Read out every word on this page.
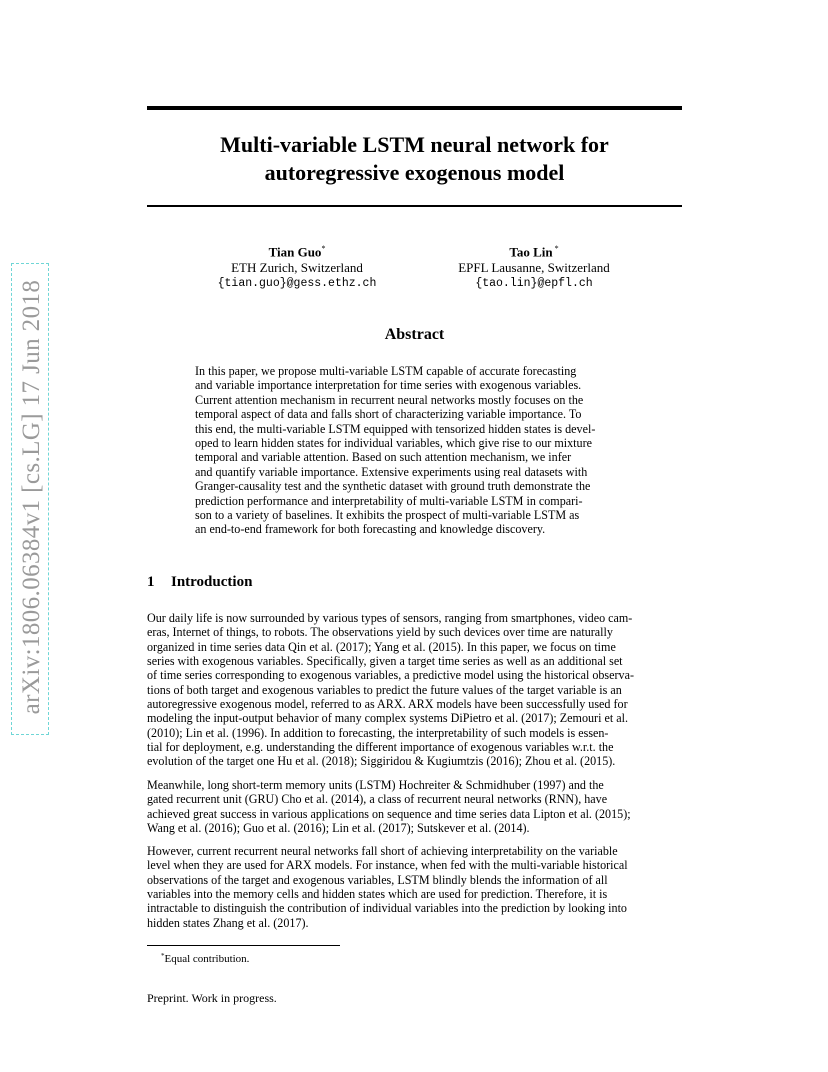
arXiv:1806.06384v1 [cs.LG] 17 Jun 2018
Multi-variable LSTM neural network for
autoregressive exogenous model
Tian Guo*
ETH Zurich, Switzerland
{tian.guo}@gess.ethz.ch
Tao Lin *
EPFL Lausanne, Switzerland
{tao.lin}@epfl.ch
Abstract
In this paper, we propose multi-variable LSTM capable of accurate forecasting
and variable importance interpretation for time series with exogenous variables.
Current attention mechanism in recurrent neural networks mostly focuses on the
temporal aspect of data and falls short of characterizing variable importance. To
this end, the multi-variable LSTM equipped with tensorized hidden states is devel-
oped to learn hidden states for individual variables, which give rise to our mixture
temporal and variable attention. Based on such attention mechanism, we infer
and quantify variable importance. Extensive experiments using real datasets with
Granger-causality test and the synthetic dataset with ground truth demonstrate the
prediction performance and interpretability of multi-variable LSTM in compari-
son to a variety of baselines. It exhibits the prospect of multi-variable LSTM as
an end-to-end framework for both forecasting and knowledge discovery.
1 Introduction
Our daily life is now surrounded by various types of sensors, ranging from smartphones, video cam-
eras, Internet of things, to robots. The observations yield by such devices over time are naturally
organized in time series data Qin et al. (2017); Yang et al. (2015). In this paper, we focus on time
series with exogenous variables. Specifically, given a target time series as well as an additional set
of time series corresponding to exogenous variables, a predictive model using the historical observa-
tions of both target and exogenous variables to predict the future values of the target variable is an
autoregressive exogenous model, referred to as ARX. ARX models have been successfully used for
modeling the input-output behavior of many complex systems DiPietro et al. (2017); Zemouri et al.
(2010); Lin et al. (1996). In addition to forecasting, the interpretability of such models is essen-
tial for deployment, e.g. understanding the different importance of exogenous variables w.r.t. the
evolution of the target one Hu et al. (2018); Siggiridou & Kugiumtzis (2016); Zhou et al. (2015).
Meanwhile, long short-term memory units (LSTM) Hochreiter & Schmidhuber (1997) and the
gated recurrent unit (GRU) Cho et al. (2014), a class of recurrent neural networks (RNN), have
achieved great success in various applications on sequence and time series data Lipton et al. (2015);
Wang et al. (2016); Guo et al. (2016); Lin et al. (2017); Sutskever et al. (2014).
However, current recurrent neural networks fall short of achieving interpretability on the variable
level when they are used for ARX models. For instance, when fed with the multi-variable historical
observations of the target and exogenous variables, LSTM blindly blends the information of all
variables into the memory cells and hidden states which are used for prediction. Therefore, it is
intractable to distinguish the contribution of individual variables into the prediction by looking into
hidden states Zhang et al. (2017).
*Equal contribution.
Preprint. Work in progress.
